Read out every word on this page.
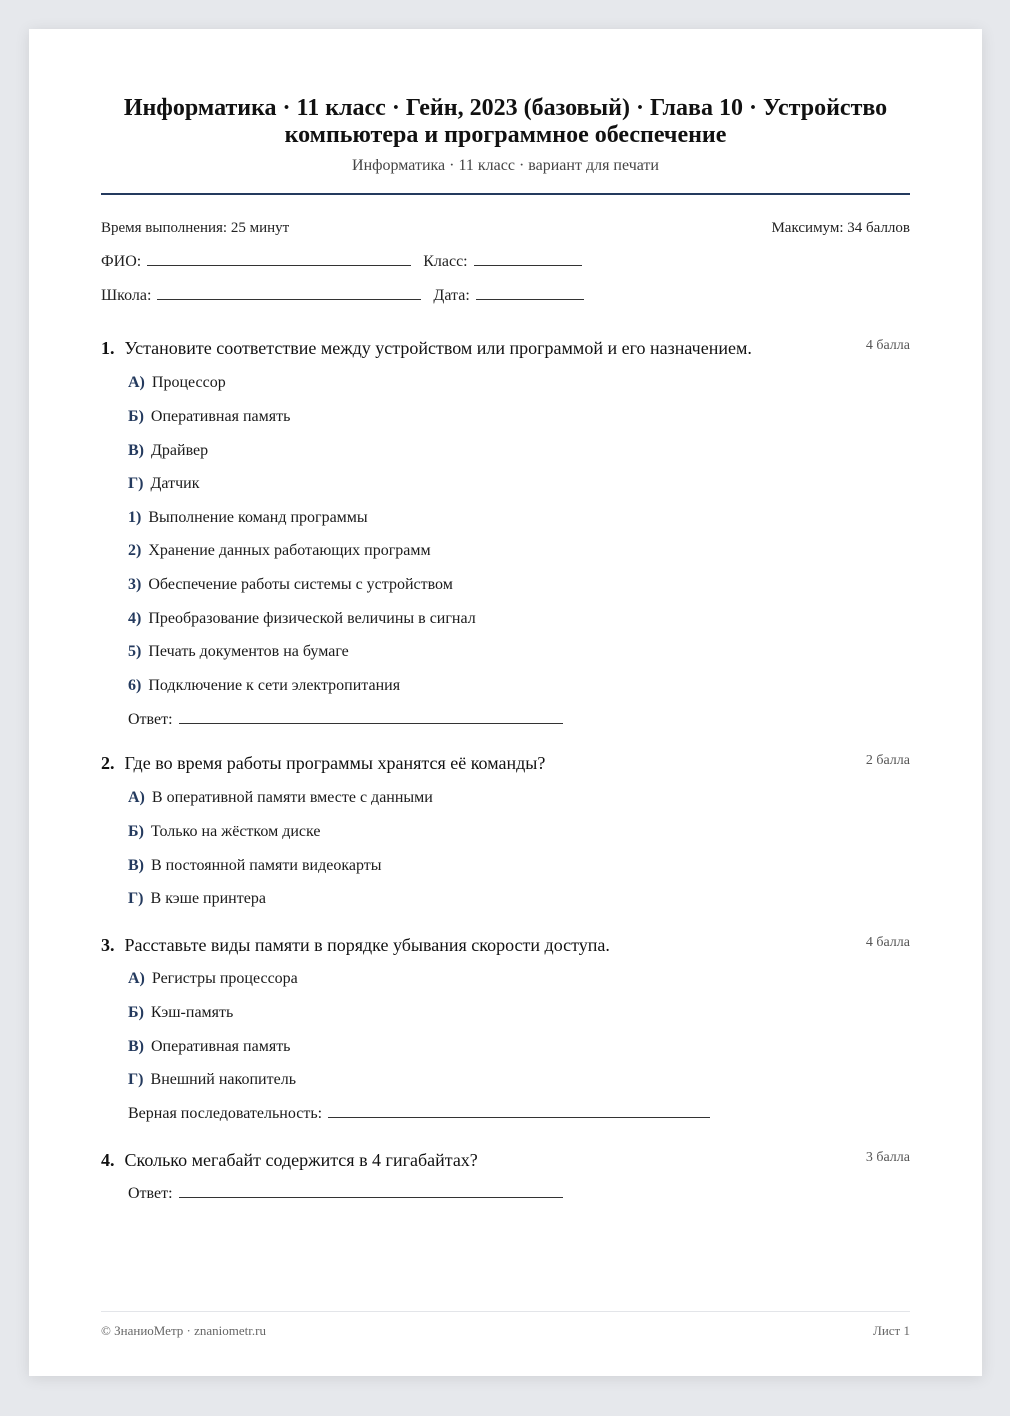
Информатика · 11 класс · Гейн, 2023 (базовый) · Глава 10 · Устройство компьютера и программное обеспечение
Информатика · 11 класс · вариант для печати
Время выполнения: 25 минут	Максимум: 34 баллов
ФИО:	Класс:
Школа:	Дата:
1. Установите соответствие между устройством или программой и его назначением.	4 балла
А) Процессор
Б) Оперативная память
В) Драйвер
Г) Датчик
1) Выполнение команд программы
2) Хранение данных работающих программ
3) Обеспечение работы системы с устройством
4) Преобразование физической величины в сигнал
5) Печать документов на бумаге
6) Подключение к сети электропитания
Ответ:
2. Где во время работы программы хранятся её команды?	2 балла
А) В оперативной памяти вместе с данными
Б) Только на жёстком диске
В) В постоянной памяти видеокарты
Г) В кэше принтера
3. Расставьте виды памяти в порядке убывания скорости доступа.	4 балла
А) Регистры процессора
Б) Кэш-память
В) Оперативная память
Г) Внешний накопитель
Верная последовательность:
4. Сколько мегабайт содержится в 4 гигабайтах?	3 балла
Ответ:
© ЗнаниоМетр · znaniometr.ru	Лист 1
